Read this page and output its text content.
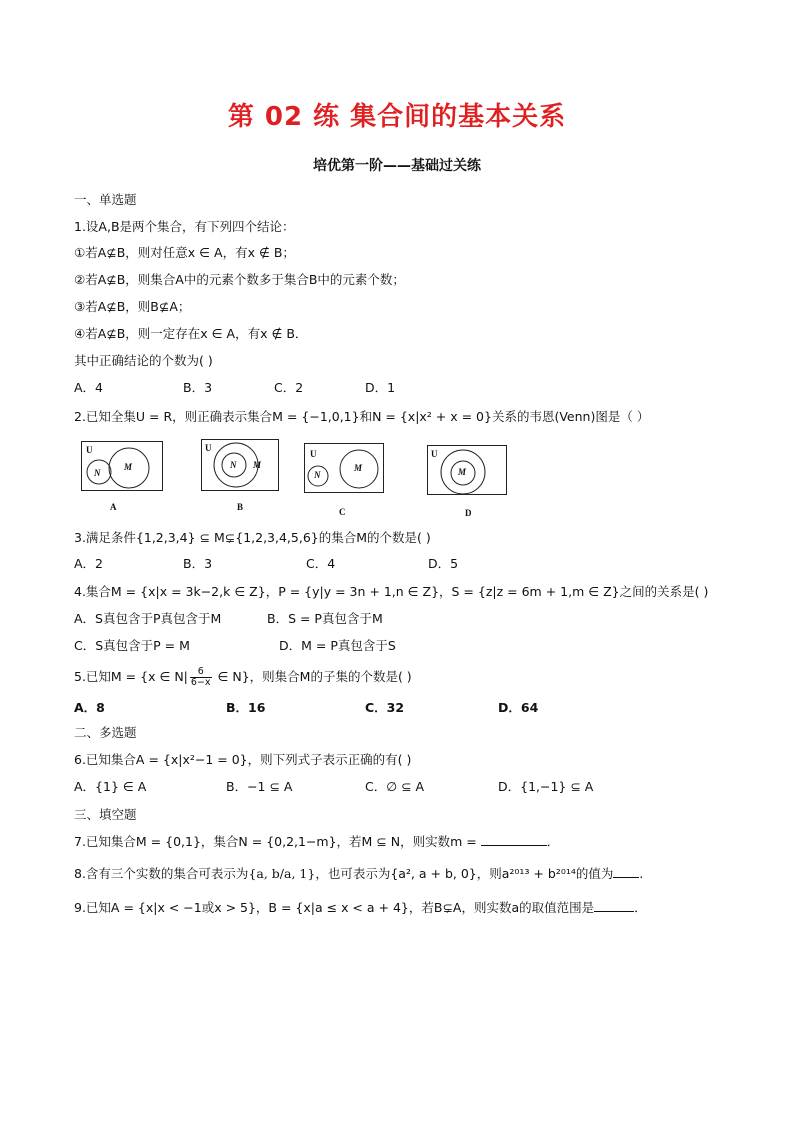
第 02 练 集合间的基本关系
培优第一阶——基础过关练
一、单选题
1.设A,B是两个集合，有下列四个结论：
①若A⊈B，则对任意x ∈ A，有x ∉ B；
②若A⊈B，则集合A中的元素个数多于集合B中的元素个数；
③若A⊈B，则B⊈A；
④若A⊈B，则一定存在x ∈ A，有x ∉ B．
其中正确结论的个数为( )
A．4	B．3	C．2	D．1
2.已知全集U = R，则正确表示集合M = {−1,0,1}和N = {x|x² + x = 0}关系的韦恩(Venn)图是（ ）
U
N
M
A
U
N M
B
U
N
M
C
U
M
D
3.满足条件{1,2,3,4} ⊆ M⊊{1,2,3,4,5,6}的集合M的个数是( )
A．2	B．3	C．4	D．5
4.集合M = {x|x = 3k−2,k ∈ Z}，P = {y|y = 3n + 1,n ∈ Z}，S = {z|z = 6m + 1,m ∈ Z}之间的关系是( )
A．S真包含于P真包含于M	B．S = P真包含于M
C．S真包含于P = M	D．M = P真包含于S
5.已知M = {x ∈ $N| \frac{6}{6-x}$ ∈ N}，则集合M的子集的个数是( )
A．8	B．16	C．32	D．64
二、多选题
6.已知集合A = {x|x²−1 = 0}，则下列式子表示正确的有( )
A．{1} ∈ A	B．−1 ⊆ A	C．∅ ⊆ A	D．{1,−1} ⊆ A
三、填空题
7.已知集合M = {0,1}，集合N = {0,2,1−m}，若M ⊆ N，则实数m =	．
8.含有三个实数的集合可表示为{a, b/a, 1}，也可表示为{a², a + b, 0}，则a²⁰¹³ + b²⁰¹⁴的值为 .
9.已知A = {x|x < −1或x > 5}，B = {x|a ≤ x < a + 4}，若B⊊A，则实数a的取值范围是	．
